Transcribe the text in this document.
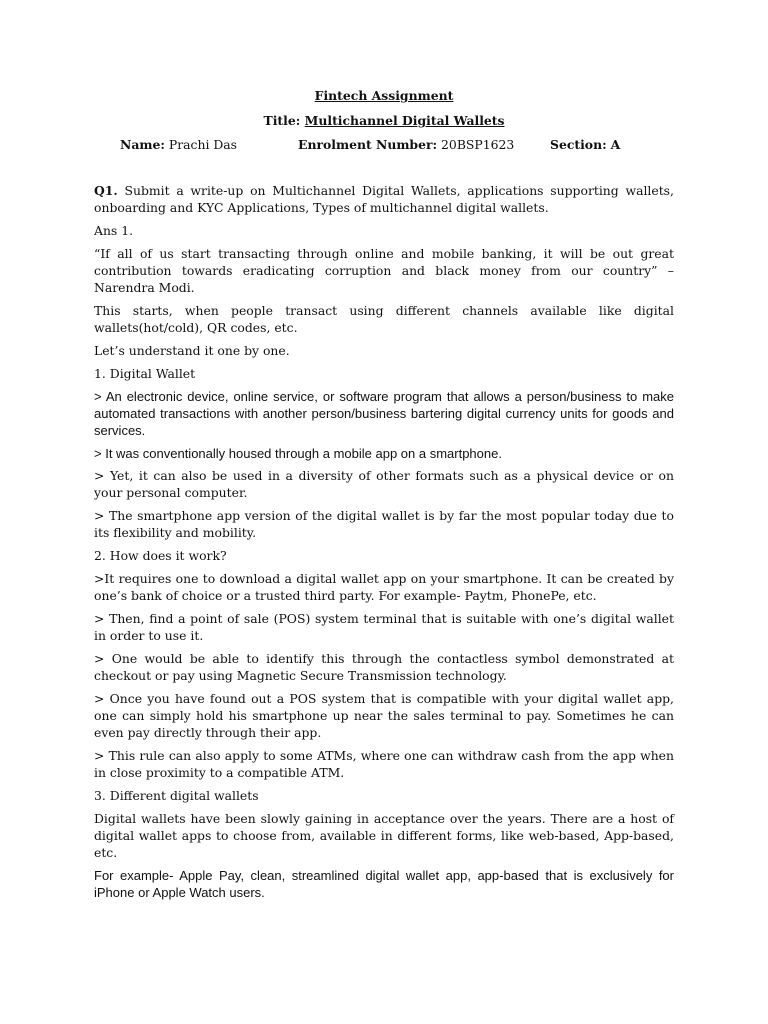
Fintech Assignment
Title: Multichannel Digital Wallets
Name: Prachi Das	Enrolment Number: 20BSP1623	Section: A

Q1. Submit a write-up on Multichannel Digital Wallets, applications supporting wallets, onboarding and KYC Applications, Types of multichannel digital wallets.

Ans 1.

“If all of us start transacting through online and mobile banking, it will be out great contribution towards eradicating corruption and black money from our country” – Narendra Modi.

This starts, when people transact using different channels available like digital wallets(hot/cold), QR codes, etc.

Let’s understand it one by one.

1. Digital Wallet

> An electronic device, online service, or software program that allows a person/business to make automated transactions with another person/business bartering digital currency units for goods and services.

> It was conventionally housed through a mobile app on a smartphone.

> Yet, it can also be used in a diversity of other formats such as a physical device or on your personal computer.

> The smartphone app version of the digital wallet is by far the most popular today due to its flexibility and mobility.

2. How does it work?

>It requires one to download a digital wallet app on your smartphone. It can be created by one’s bank of choice or a trusted third party. For example- Paytm, PhonePe, etc.

> Then, find a point of sale (POS) system terminal that is suitable with one’s digital wallet in order to use it.

> One would be able to identify this through the contactless symbol demonstrated at checkout or pay using Magnetic Secure Transmission technology.

> Once you have found out a POS system that is compatible with your digital wallet app, one can simply hold his smartphone up near the sales terminal to pay. Sometimes he can even pay directly through their app.

> This rule can also apply to some ATMs, where one can withdraw cash from the app when in close proximity to a compatible ATM.

3. Different digital wallets

Digital wallets have been slowly gaining in acceptance over the years. There are a host of digital wallet apps to choose from, available in different forms, like web-based, App-based, etc.

For example- Apple Pay, clean, streamlined digital wallet app, app-based that is exclusively for iPhone or Apple Watch users.
